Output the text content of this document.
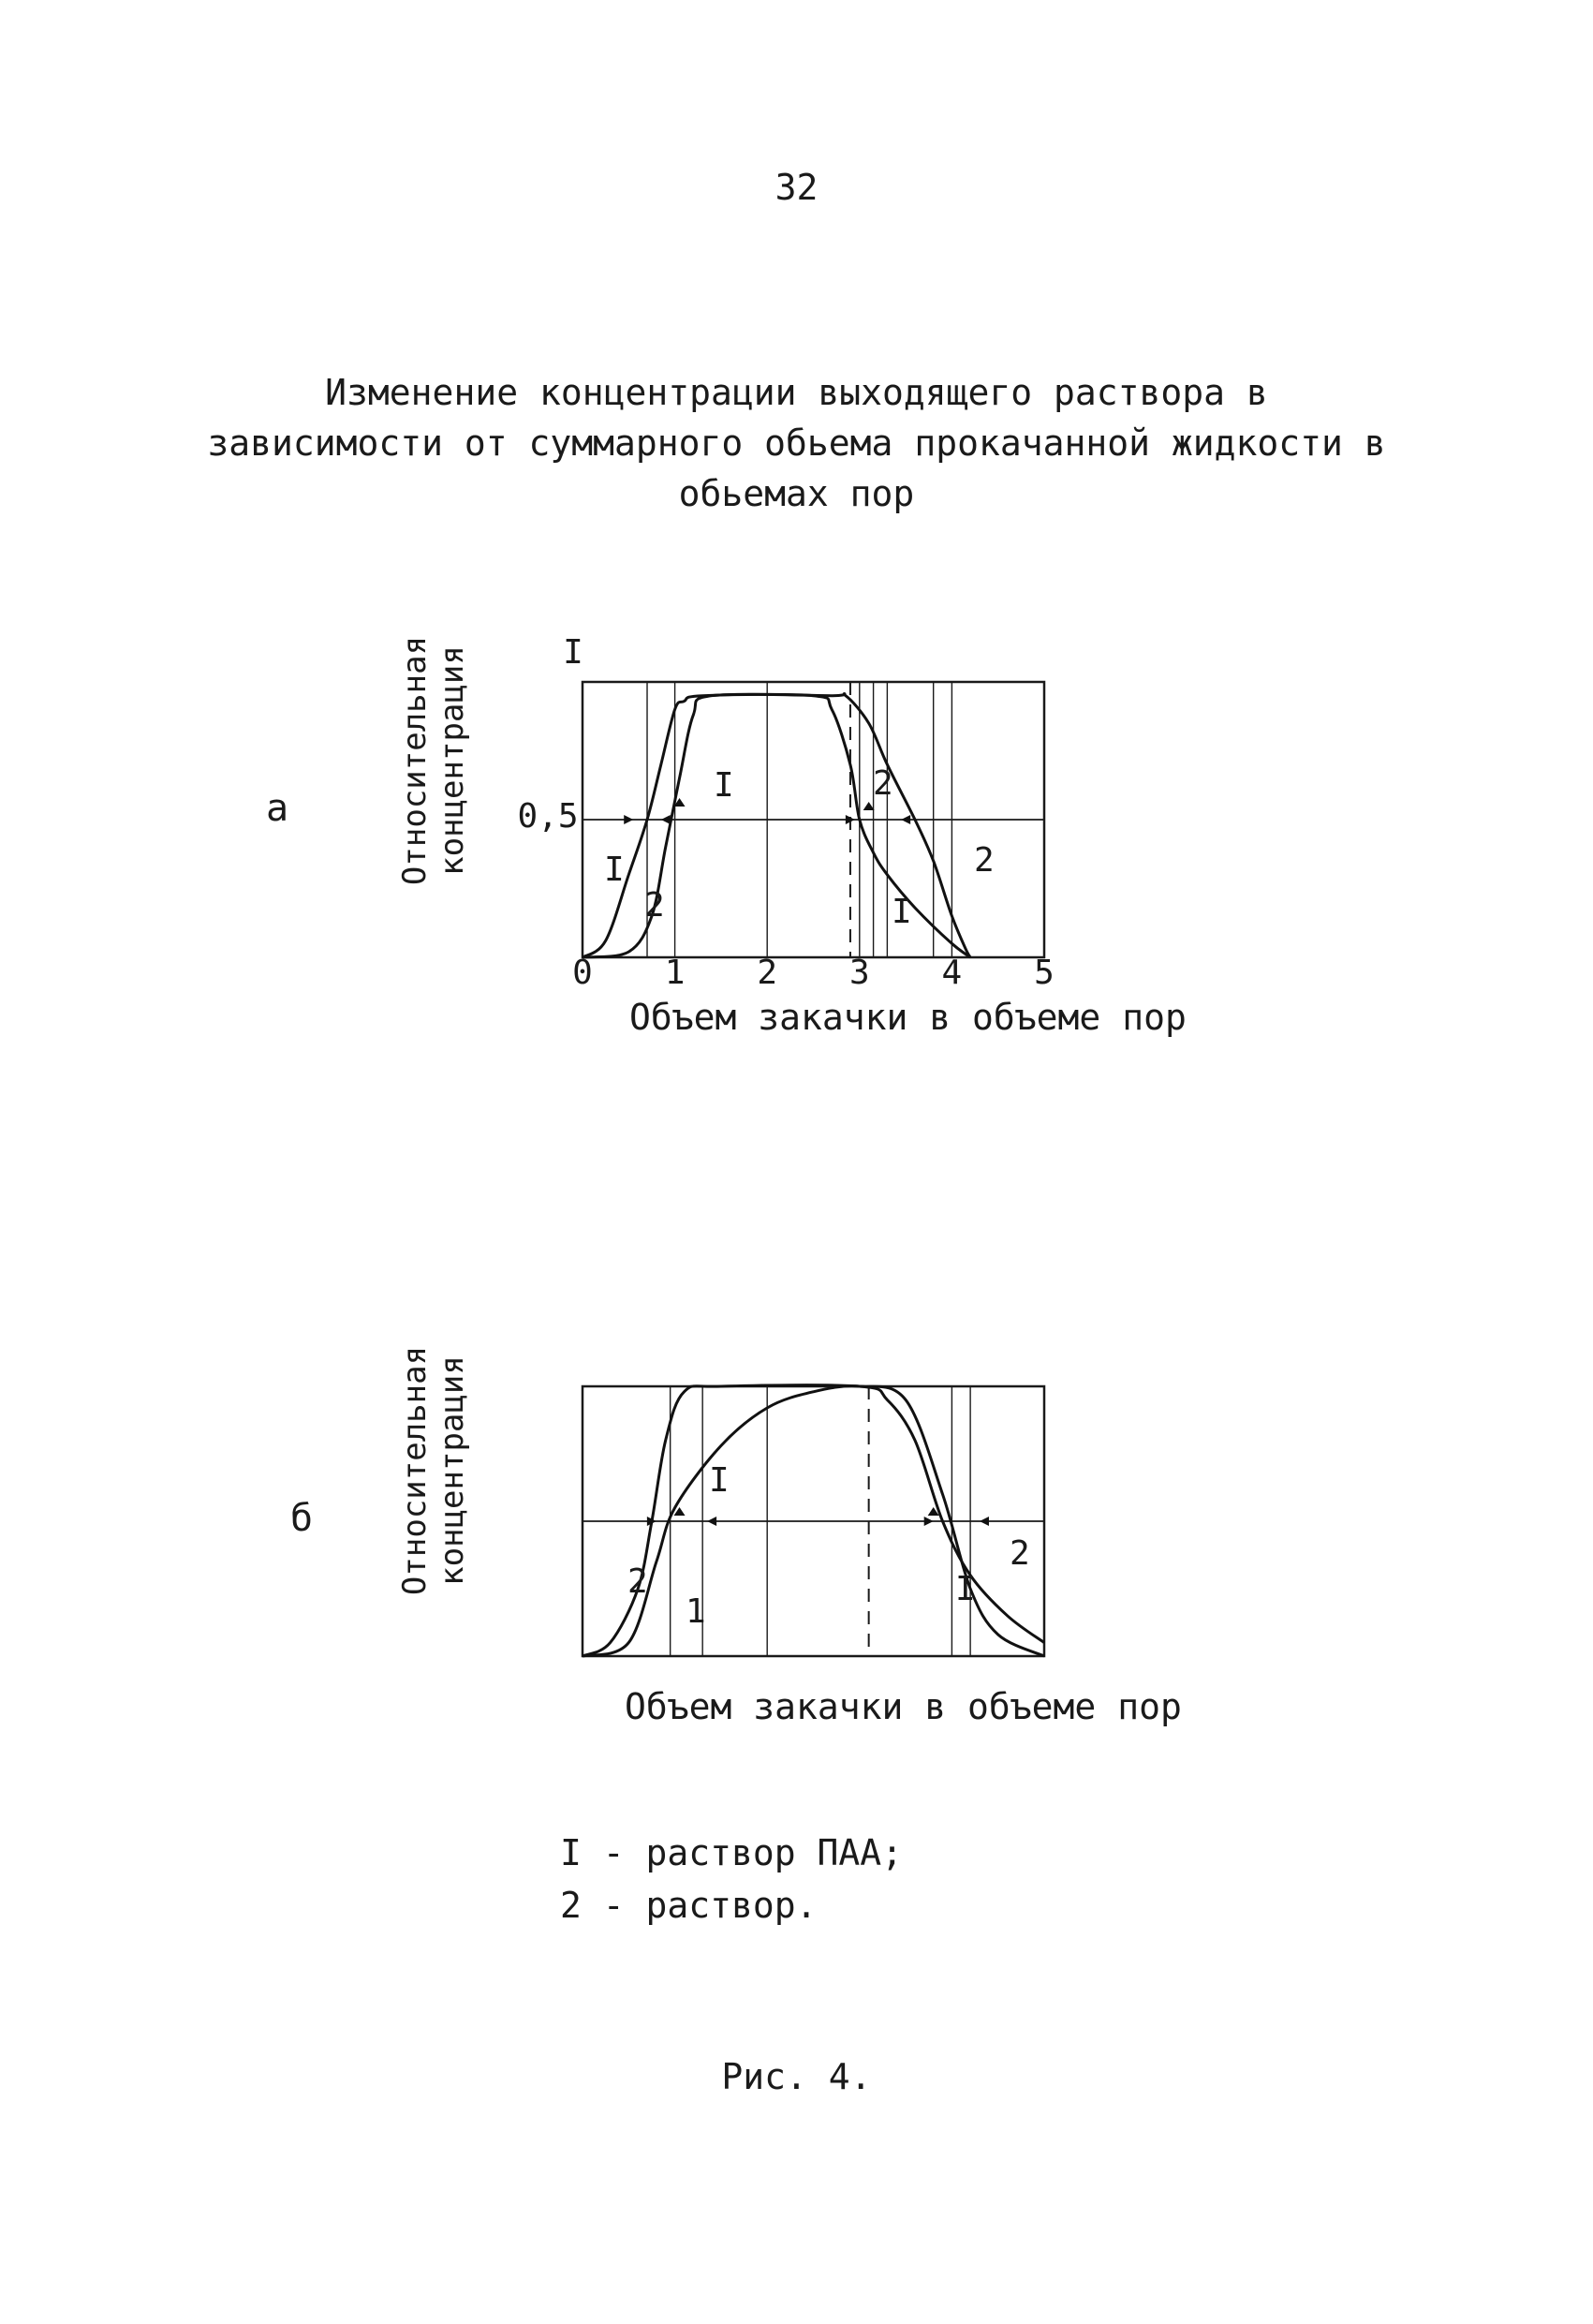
32
Изменение концентрации выходящего раствора в
зависимости от суммарного обьема прокачанной жидкости в
обьемах пор
а	Относительная концентрация
б	Относительная концентрация
I
2
I
2
I
2
0 1 2 3 4 5
0,5
I
I
2
1
I
2
Объем закачки в объеме пор
Объем закачки в объеме пор
I - раствор ПАА;
2 - раствор.
Рис. 4.
